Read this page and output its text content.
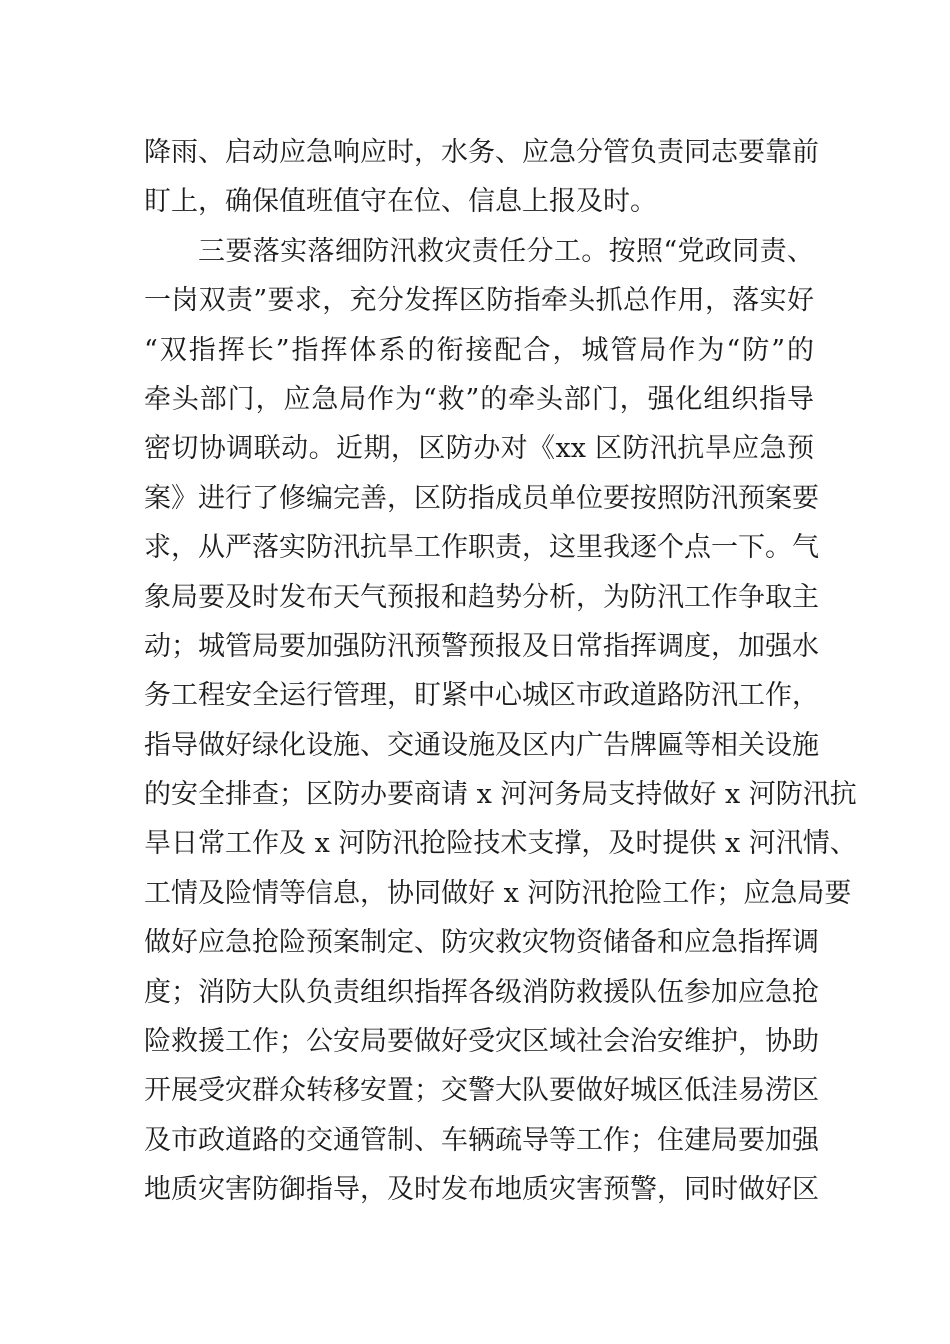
降雨、启动应急响应时，水务、应急分管负责同志要靠前
盯上，确保值班值守在位、信息上报及时。
三要落实落细防汛救灾责任分工。按照“党政同责、
一岗双责”要求，充分发挥区防指牵头抓总作用，落实好
“双指挥长”指挥体系的衔接配合，城管局作为“防”的
牵头部门，应急局作为“救”的牵头部门，强化组织指导
密切协调联动。近期，区防办对《xx 区防汛抗旱应急预
案》进行了修编完善，区防指成员单位要按照防汛预案要
求，从严落实防汛抗旱工作职责，这里我逐个点一下。气
象局要及时发布天气预报和趋势分析，为防汛工作争取主
动；城管局要加强防汛预警预报及日常指挥调度，加强水
务工程安全运行管理，盯紧中心城区市政道路防汛工作，
指导做好绿化设施、交通设施及区内广告牌匾等相关设施
的安全排查；区防办要商请 x 河河务局支持做好 x 河防汛抗
旱日常工作及 x 河防汛抢险技术支撑，及时提供 x 河汛情、
工情及险情等信息，协同做好 x 河防汛抢险工作；应急局要
做好应急抢险预案制定、防灾救灾物资储备和应急指挥调
度；消防大队负责组织指挥各级消防救援队伍参加应急抢
险救援工作；公安局要做好受灾区域社会治安维护，协助
开展受灾群众转移安置；交警大队要做好城区低洼易涝区
及市政道路的交通管制、车辆疏导等工作；住建局要加强
地质灾害防御指导，及时发布地质灾害预警，同时做好区
